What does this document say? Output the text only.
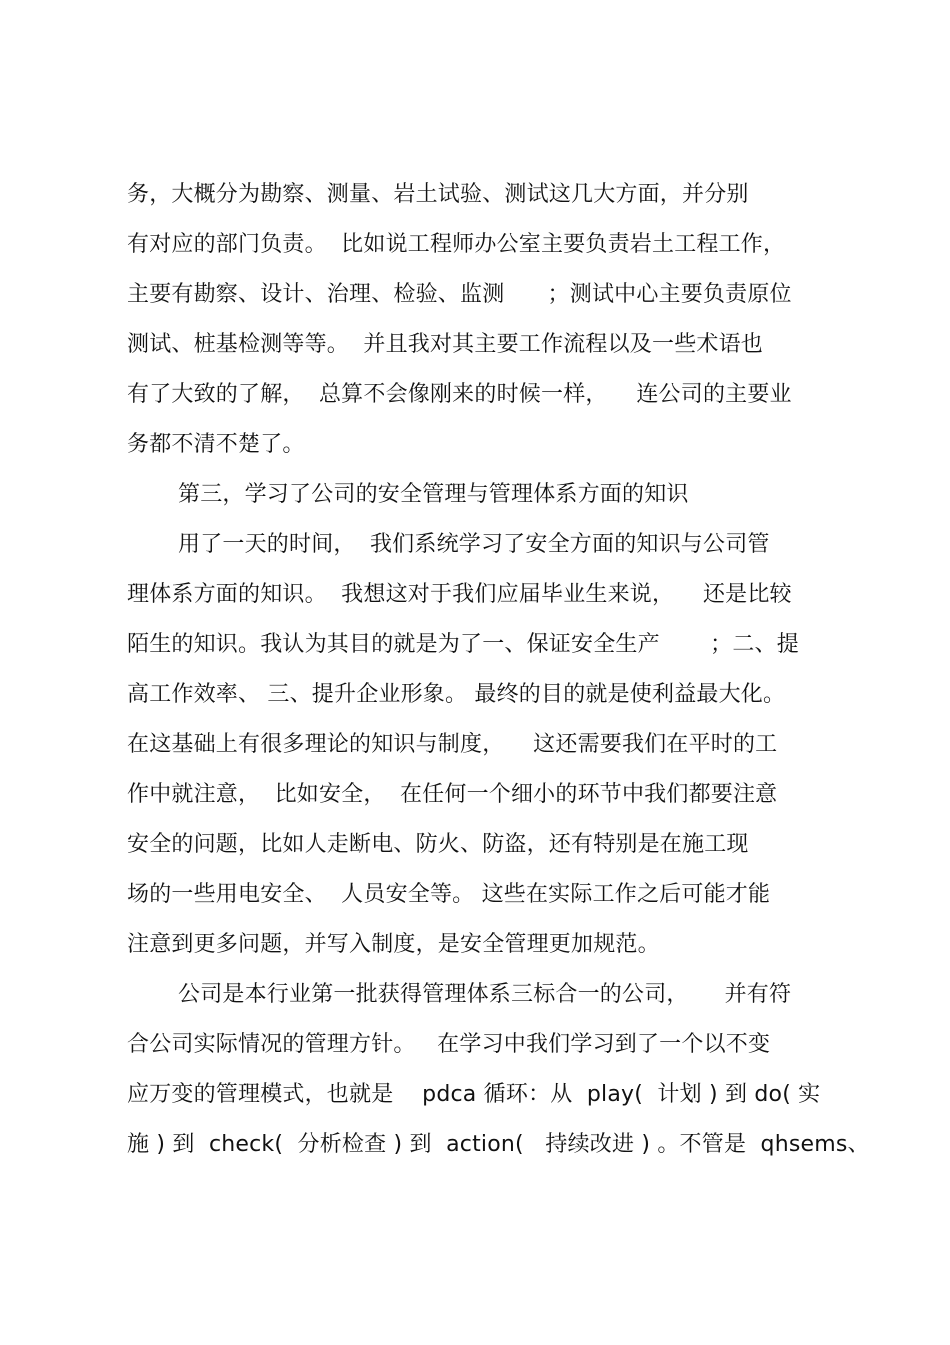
务，大概分为勘察、测量、岩土试验、测试这几大方面，并分别
有对应的部门负责。  比如说工程师办公室主要负责岩土工程工作，
主要有勘察、设计、治理、检验、监测      ；测试中心主要负责原位
测试、桩基检测等等。  并且我对其主要工作流程以及一些术语也
有了大致的了解，  总算不会像刚来的时候一样，    连公司的主要业
务都不清不楚了。
第三，学习了公司的安全管理与管理体系方面的知识
用了一天的时间，  我们系统学习了安全方面的知识与公司管
理体系方面的知识。  我想这对于我们应届毕业生来说，    还是比较
陌生的知识。我认为其目的就是为了一、保证安全生产       ；二、提
高工作效率、 三、提升企业形象。 最终的目的就是使利益最大化。
在这基础上有很多理论的知识与制度，    这还需要我们在平时的工
作中就注意，  比如安全，  在任何一个细小的环节中我们都要注意
安全的问题，比如人走断电、防火、防盗，还有特别是在施工现
场的一些用电安全、  人员安全等。 这些在实际工作之后可能才能
注意到更多问题，并写入制度，是安全管理更加规范。
公司是本行业第一批获得管理体系三标合一的公司，     并有符
合公司实际情况的管理方针。   在学习中我们学习到了一个以不变
应万变的管理模式，也就是    pdca 循环：从  play(  计划 ) 到 do( 实
施 ) 到  check(  分析检查 ) 到  action(   持续改进 ) 。不管是  qhsems、
